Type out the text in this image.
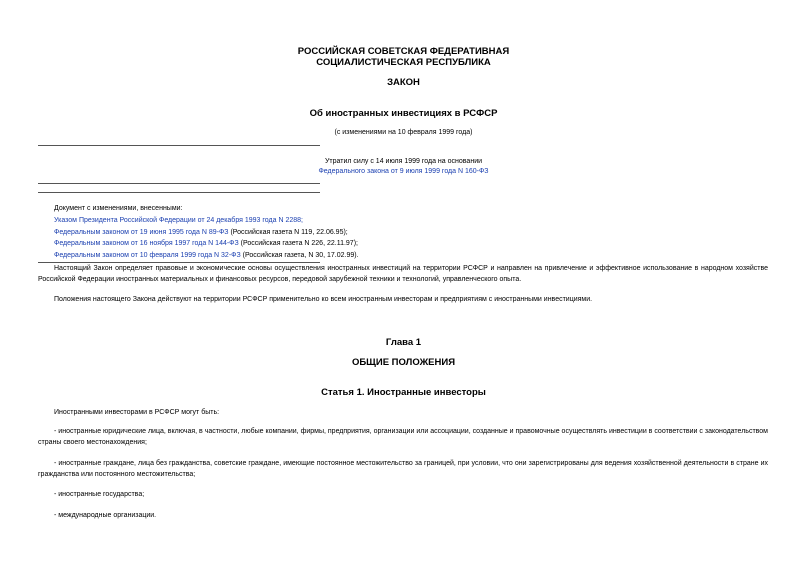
РОССИЙСКАЯ СОВЕТСКАЯ ФЕДЕРАТИВНАЯ
СОЦИАЛИСТИЧЕСКАЯ РЕСПУБЛИКА
ЗАКОН
Об иностранных инвестициях в РСФСР
(с изменениями на 10 февраля 1999 года)
Утратил силу с 14 июля 1999 года на основании
Федерального закона от 9 июля 1999 года N 160-ФЗ
Документ с изменениями, внесенными:
Указом Президента Российской Федерации от 24 декабря 1993 года N 2288;
Федеральным законом от 19 июня 1995 года N 89-ФЗ (Российская газета N 119, 22.06.95);
Федеральным законом от 16 ноября 1997 года N 144-ФЗ (Российская газета N 226, 22.11.97);
Федеральным законом от 10 февраля 1999 года N 32-ФЗ (Российская газета, N 30, 17.02.99).
Настоящий Закон определяет правовые и экономические основы осуществления иностранных инвестиций на территории РСФСР и направлен на привлечение и эффективное использование в народном хозяйстве Российской Федерации иностранных материальных и финансовых ресурсов, передовой зарубежной техники и технологий, управленческого опыта.
Положения настоящего Закона действуют на территории РСФСР применительно ко всем иностранным инвесторам и предприятиям с иностранными инвестициями.
Глава 1
ОБЩИЕ ПОЛОЖЕНИЯ
Статья 1. Иностранные инвесторы
Иностранными инвесторами в РСФСР могут быть:
- иностранные юридические лица, включая, в частности, любые компании, фирмы, предприятия, организации или ассоциации, созданные и правомочные осуществлять инвестиции в соответствии с законодательством страны своего местонахождения;
- иностранные граждане, лица без гражданства, советские граждане, имеющие постоянное местожительство за границей, при условии, что они зарегистрированы для ведения хозяйственной деятельности в стране их гражданства или постоянного местожительства;
- иностранные государства;
- международные организации.
